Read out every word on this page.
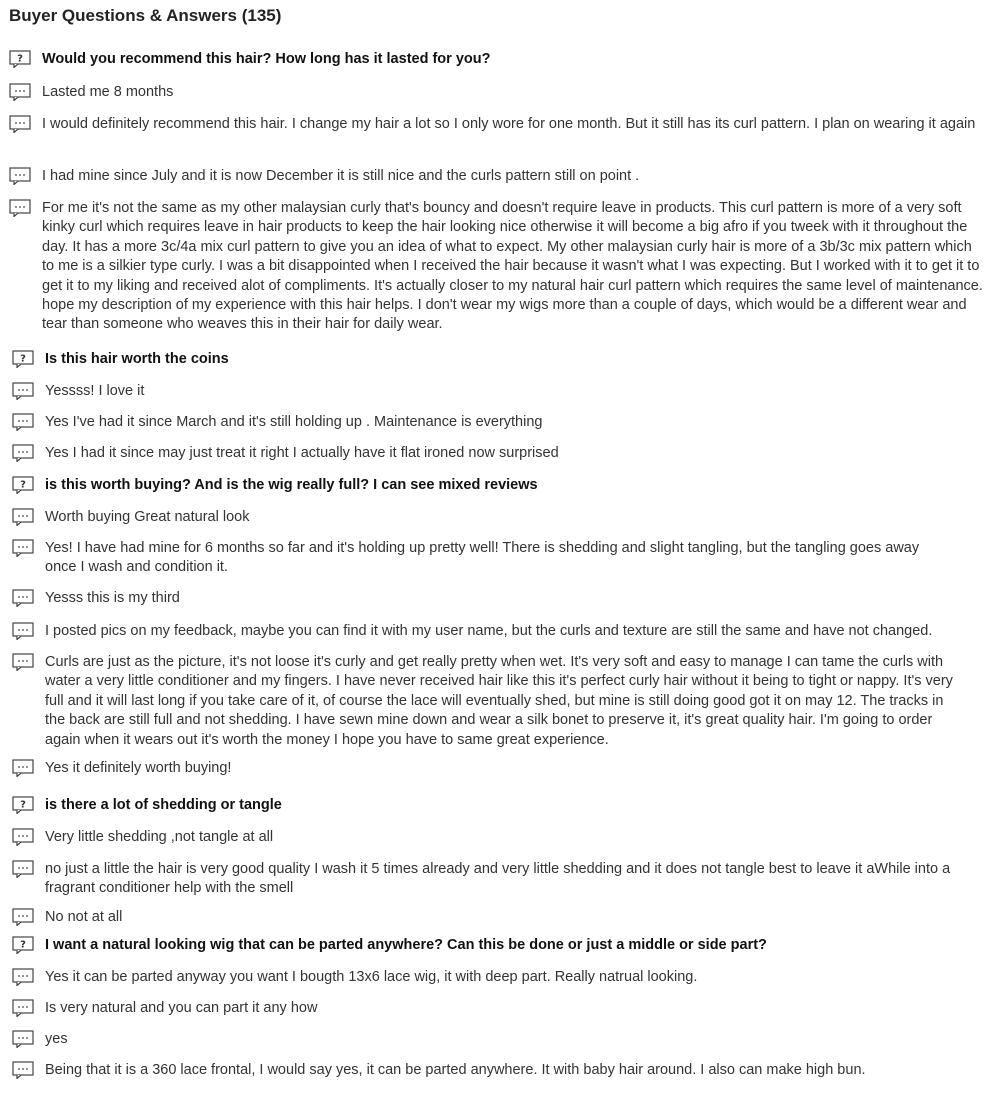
Buyer Questions & Answers (135)
? Would you recommend this hair? How long has it lasted for you?
Lasted me 8 months
I would definitely recommend this hair. I change my hair a lot so I only wore for one month. But it still has its curl pattern. I plan on wearing it again
I had mine since July and it is now December it is still nice and the curls pattern still on point .
For me it's not the same as my other malaysian curly that's bouncy and doesn't require leave in products. This curl pattern is more of a very soft kinky curl which requires leave in hair products to keep the hair looking nice otherwise it will become a big afro if you tweek with it throughout the day. It has a more 3c/4a mix curl pattern to give you an idea of what to expect. My other malaysian curly hair is more of a 3b/3c mix pattern which to me is a silkier type curly. I was a bit disappointed when I received the hair because it wasn't what I was expecting. But I worked with it to get it to get it to my liking and received alot of compliments. It's actually closer to my natural hair curl pattern which requires the same level of maintenance. hope my description of my experience with this hair helps. I don't wear my wigs more than a couple of days, which would be a different wear and tear than someone who weaves this in their hair for daily wear.
? Is this hair worth the coins
Yessss! I love it
Yes I've had it since March and it's still holding up . Maintenance is everything
Yes I had it since may just treat it right I actually have it flat ironed now surprised
? is this worth buying? And is the wig really full? I can see mixed reviews
Worth buying Great natural look
Yes! I have had mine for 6 months so far and it's holding up pretty well! There is shedding and slight tangling, but the tangling goes away once I wash and condition it.
Yesss this is my third
I posted pics on my feedback, maybe you can find it with my user name, but the curls and texture are still the same and have not changed.
Curls are just as the picture, it's not loose it's curly and get really pretty when wet. It's very soft and easy to manage I can tame the curls with water a very little conditioner and my fingers. I have never received hair like this it's perfect curly hair without it being to tight or nappy. It's very full and it will last long if you take care of it, of course the lace will eventually shed, but mine is still doing good got it on may 12. The tracks in the back are still full and not shedding. I have sewn mine down and wear a silk bonet to preserve it, it's great quality hair. I'm going to order again when it wears out it's worth the money I hope you have to same great experience.
Yes it definitely worth buying!
? is there a lot of shedding or tangle
Very little shedding ,not tangle at all
no just a little the hair is very good quality I wash it 5 times already and very little shedding and it does not tangle best to leave it aWhile into a fragrant conditioner help with the smell
No not at all
? I want a natural looking wig that can be parted anywhere? Can this be done or just a middle or side part?
Yes it can be parted anyway you want I bougth 13x6 lace wig, it with deep part. Really natrual looking.
Is very natural and you can part it any how
yes
Being that it is a 360 lace frontal, I would say yes, it can be parted anywhere. It with baby hair around. I also can make high bun.
